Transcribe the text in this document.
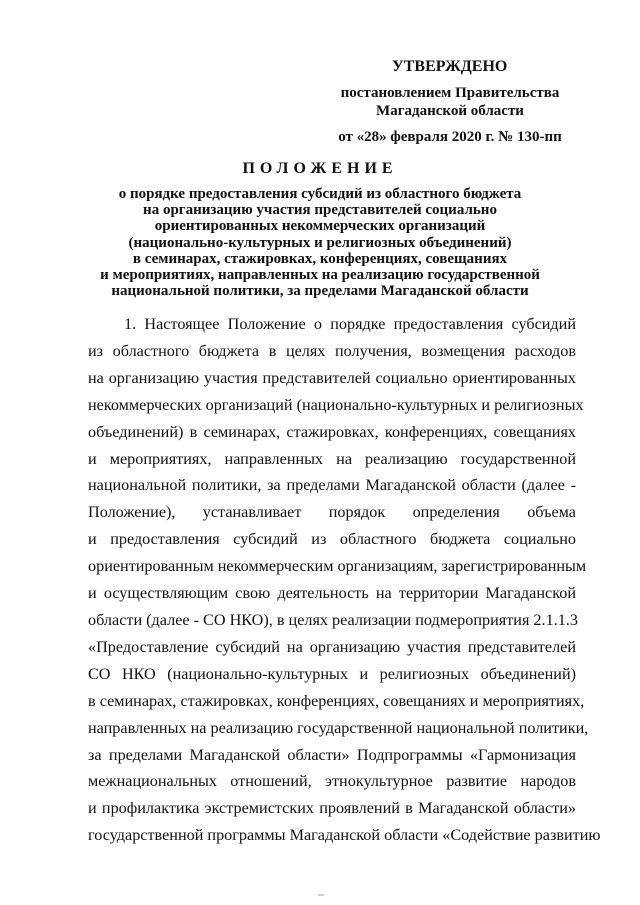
УТВЕРЖДЕНО
постановлением Правительства
Магаданской области
от «28» февраля 2020 г. № 130-пп
ПОЛОЖЕНИЕ
о порядке предоставления субсидий из областного бюджета
на организацию участия представителей социально
ориентированных некоммерческих организаций
(национально-культурных и религиозных объединений)
в семинарах, стажировках, конференциях, совещаниях
и мероприятиях, направленных на реализацию государственной
национальной политики, за пределами Магаданской области
1. Настоящее Положение о порядке предоставления субсидий
из областного бюджета в целях получения, возмещения расходов
на организацию участия представителей социально ориентированных
некоммерческих организаций (национально-культурных и религиозных
объединений) в семинарах, стажировках, конференциях, совещаниях
и мероприятиях, направленных на реализацию государственной
национальной политики, за пределами Магаданской области (далее -
Положение), устанавливает порядок определения объема
и предоставления субсидий из областного бюджета социально
ориентированным некоммерческим организациям, зарегистрированным
и осуществляющим свою деятельность на территории Магаданской
области (далее - СО НКО), в целях реализации подмероприятия 2.1.1.3
«Предоставление субсидий на организацию участия представителей
СО НКО (национально-культурных и религиозных объединений)
в семинарах, стажировках, конференциях, совещаниях и мероприятиях,
направленных на реализацию государственной национальной политики,
за пределами Магаданской области» Подпрограммы «Гармонизация
межнациональных отношений, этнокультурное развитие народов
и профилактика экстремистских проявлений в Магаданской области»
государственной программы Магаданской области «Содействие развитию
